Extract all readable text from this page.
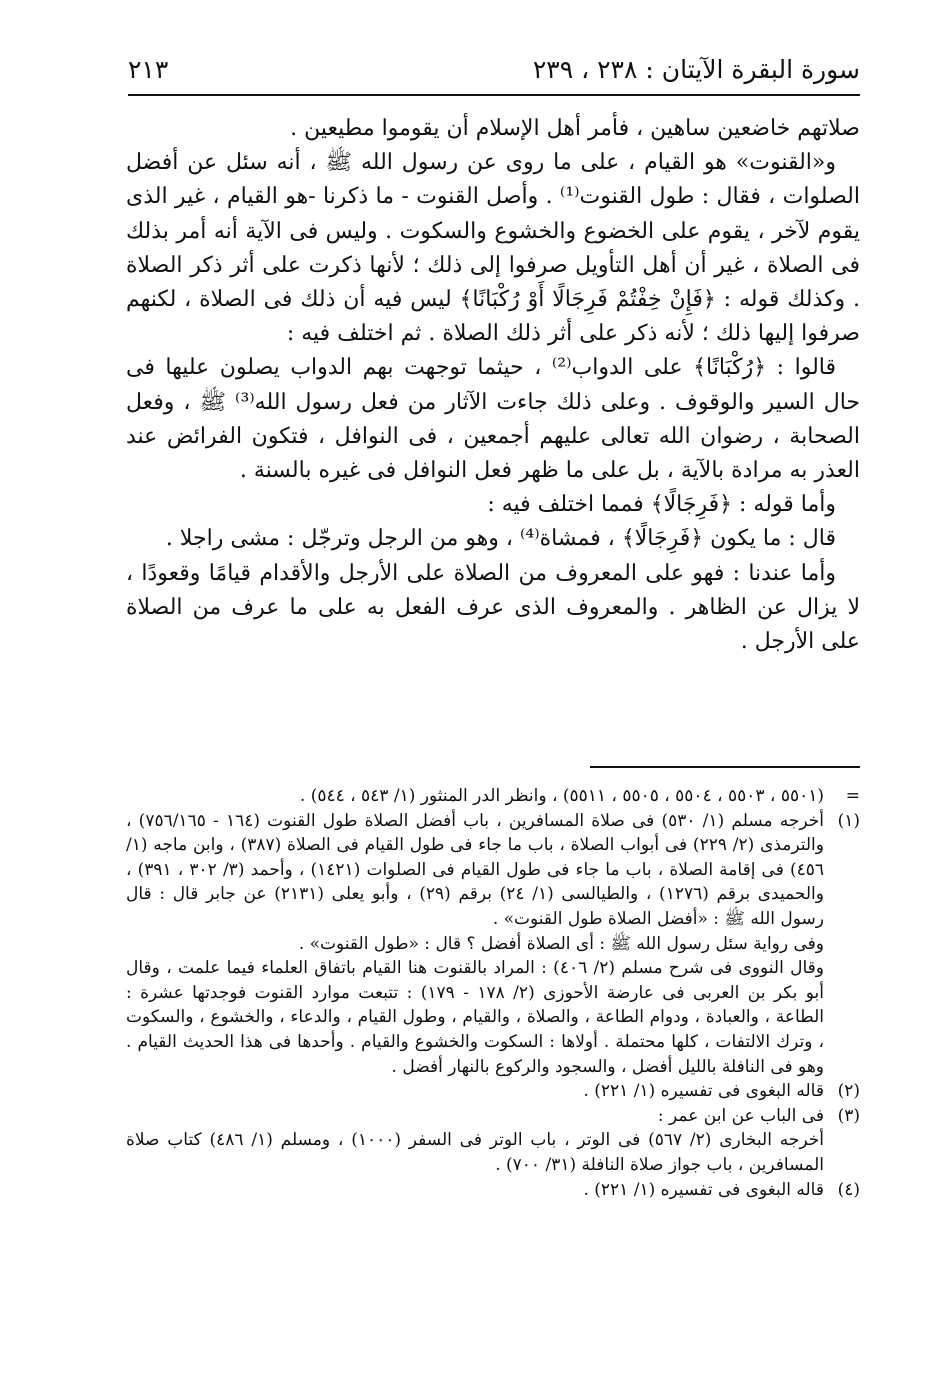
سورة البقرة الآيتان : ٢٣٨ ، ٢٣٩
٢١٣

صلاتهم خاضعين ساهين ، فأمر أهل الإسلام أن يقوموا مطيعين .

و«القنوت» هو القيام ، على ما روى عن رسول الله ﷺ ، أنه سئل عن أفضل الصلوات ، فقال : طول القنوت⁽¹⁾ . وأصل القنوت - ما ذكرنا -هو القيام ، غير الذى يقوم لآخر ، يقوم على الخضوع والخشوع والسكوت . وليس فى الآية أنه أمر بذلك فى الصلاة ، غير أن أهل التأويل صرفوا إلى ذلك ؛ لأنها ذكرت على أثر ذكر الصلاة . وكذلك قوله : ﴿فَإِنْ خِفْتُمْ فَرِجَالًا أَوْ رُكْبَانًا﴾ ليس فيه أن ذلك فى الصلاة ، لكنهم صرفوا إليها ذلك ؛ لأنه ذكر على أثر ذلك الصلاة . ثم اختلف فيه :

قالوا : ﴿رُكْبَانًا﴾ على الدواب⁽²⁾ ، حيثما توجهت بهم الدواب يصلون عليها فى حال السير والوقوف . وعلى ذلك جاءت الآثار من فعل رسول الله⁽³⁾ ﷺ ، وفعل الصحابة ، رضوان الله تعالى عليهم أجمعين ، فى النوافل ، فتكون الفرائض عند العذر به مرادة بالآية ، بل على ما ظهر فعل النوافل فى غيره بالسنة .

وأما قوله : ﴿فَرِجَالًا﴾ فمما اختلف فيه :

قال : ما يكون ﴿فَرِجَالًا﴾ ، فمشاة⁽⁴⁾ ، وهو من الرجل وترجّل : مشى راجلا .

وأما عندنا : فهو على المعروف من الصلاة على الأرجل والأقدام قيامًا وقعودًا ، لا يزال عن الظاهر . والمعروف الذى عرف الفعل به على ما عرف من الصلاة على الأرجل .

=
(٥٥٠١ ، ٥٥٠٣ ، ٥٥٠٤ ، ٥٥٠٥ ، ٥٥١١) ، وانظر الدر المنثور (١/ ٥٤٣ ، ٥٤٤) .

(١)
أخرجه مسلم (١/ ٥٣٠) فى صلاة المسافرين ، باب أفضل الصلاة طول القنوت (١٦٤ - ٧٥٦/١٦٥) ، والترمذى (٢/ ٢٢٩) فى أبواب الصلاة ، باب ما جاء فى طول القيام فى الصلاة (٣٨٧) ، وابن ماجه (١/ ٤٥٦) فى إقامة الصلاة ، باب ما جاء فى طول القيام فى الصلوات (١٤٢١) ، وأحمد (٣/ ٣٠٢ ، ٣٩١) ، والحميدى برقم (١٢٧٦) ، والطيالسى (١/ ٢٤) برقم (٢٩) ، وأبو يعلى (٢١٣١) عن جابر قال : قال رسول الله ﷺ : «أفضل الصلاة طول القنوت» .

وفى رواية سئل رسول الله ﷺ : أى الصلاة أفضل ؟ قال : «طول القنوت» .

وقال النووى فى شرح مسلم (٢/ ٤٠٦) : المراد بالقنوت هنا القيام باتفاق العلماء فيما علمت ، وقال أبو بكر بن العربى فى عارضة الأحوزى (٢/ ١٧٨ - ١٧٩) : تتبعت موارد القنوت فوجدتها عشرة : الطاعة ، والعبادة ، ودوام الطاعة ، والصلاة ، والقيام ، وطول القيام ، والدعاء ، والخشوع ، والسكوت ، وترك الالتفات ، كلها محتملة . أولاها : السكوت والخشوع والقيام . وأحدها فى هذا الحديث القيام . وهو فى النافلة بالليل أفضل ، والسجود والركوع بالنهار أفضل .

(٢)
قاله البغوى فى تفسيره (١/ ٢٢١) .

(٣)
فى الباب عن ابن عمر :

أخرجه البخارى (٢/ ٥٦٧) فى الوتر ، باب الوتر فى السفر (١٠٠٠) ، ومسلم (١/ ٤٨٦) كتاب صلاة المسافرين ، باب جواز صلاة النافلة (٣١/ ٧٠٠) .

(٤)
قاله البغوى فى تفسيره (١/ ٢٢١) .
